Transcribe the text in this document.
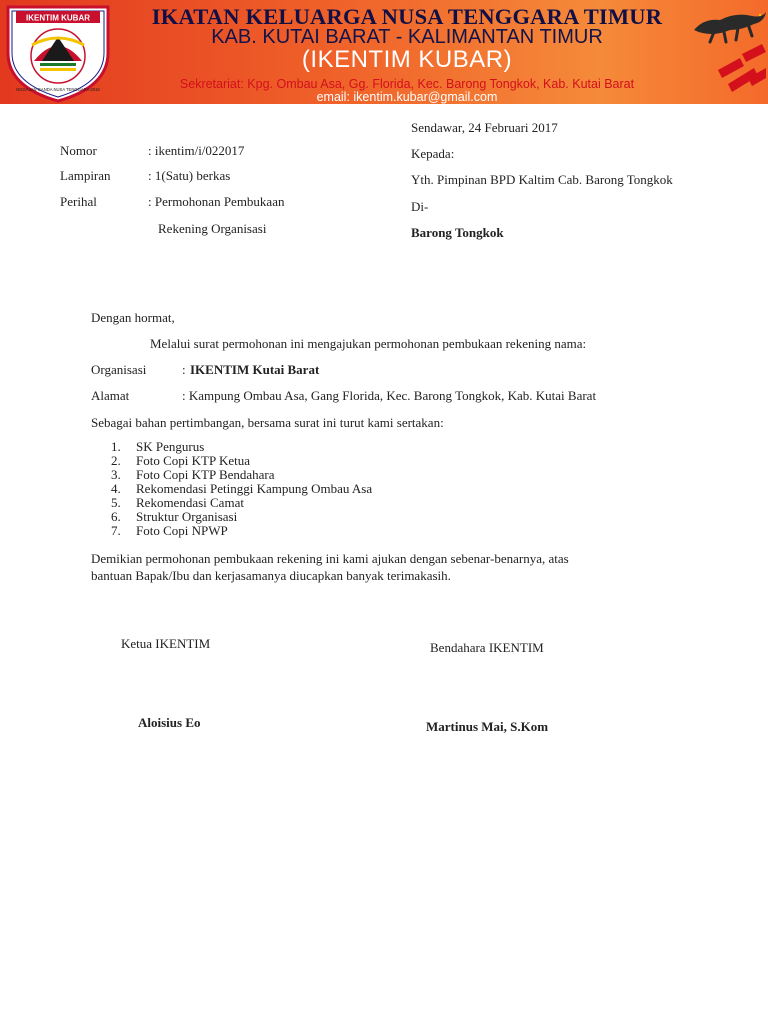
IKENTIM KUBAR
NGGAJAN GANDA NUSA TENGGARA 2016
IKATAN KELUARGA NUSA TENGGARA TIMUR
KAB. KUTAI BARAT - KALIMANTAN TIMUR
(IKENTIM KUBAR)
Sekretariat: Kpg. Ombau Asa, Gg. Florida, Kec. Barong Tongkok, Kab. Kutai Barat
email: ikentim.kubar@gmail.com
Nomor	: ikentim/i/022017
Lampiran	: 1(Satu) berkas
Perihal	: Permohonan Pembukaan
Rekening Organisasi
Sendawar, 24 Februari 2017
Kepada:
Yth. Pimpinan BPD Kaltim Cab. Barong Tongkok
Di-
Barong Tongkok
Dengan hormat,
Melalui surat permohonan ini mengajukan permohonan pembukaan rekening nama:
Organisasi	: IKENTIM Kutai Barat
Alamat	: Kampung Ombau Asa, Gang Florida, Kec. Barong Tongkok, Kab. Kutai Barat
Sebagai bahan pertimbangan, bersama surat ini turut kami sertakan:
1. SK Pengurus
2. Foto Copi KTP Ketua
3. Foto Copi KTP Bendahara
4. Rekomendasi Petinggi Kampung Ombau Asa
5. Rekomendasi Camat
6. Struktur Organisasi
7. Foto Copi NPWP
Demikian permohonan pembukaan rekening ini kami ajukan dengan sebenar-benarnya, atas
bantuan Bapak/Ibu dan kerjasamanya diucapkan banyak terimakasih.
Ketua IKENTIM
Aloisius Eo
Bendahara IKENTIM
Martinus Mai, S.Kom
